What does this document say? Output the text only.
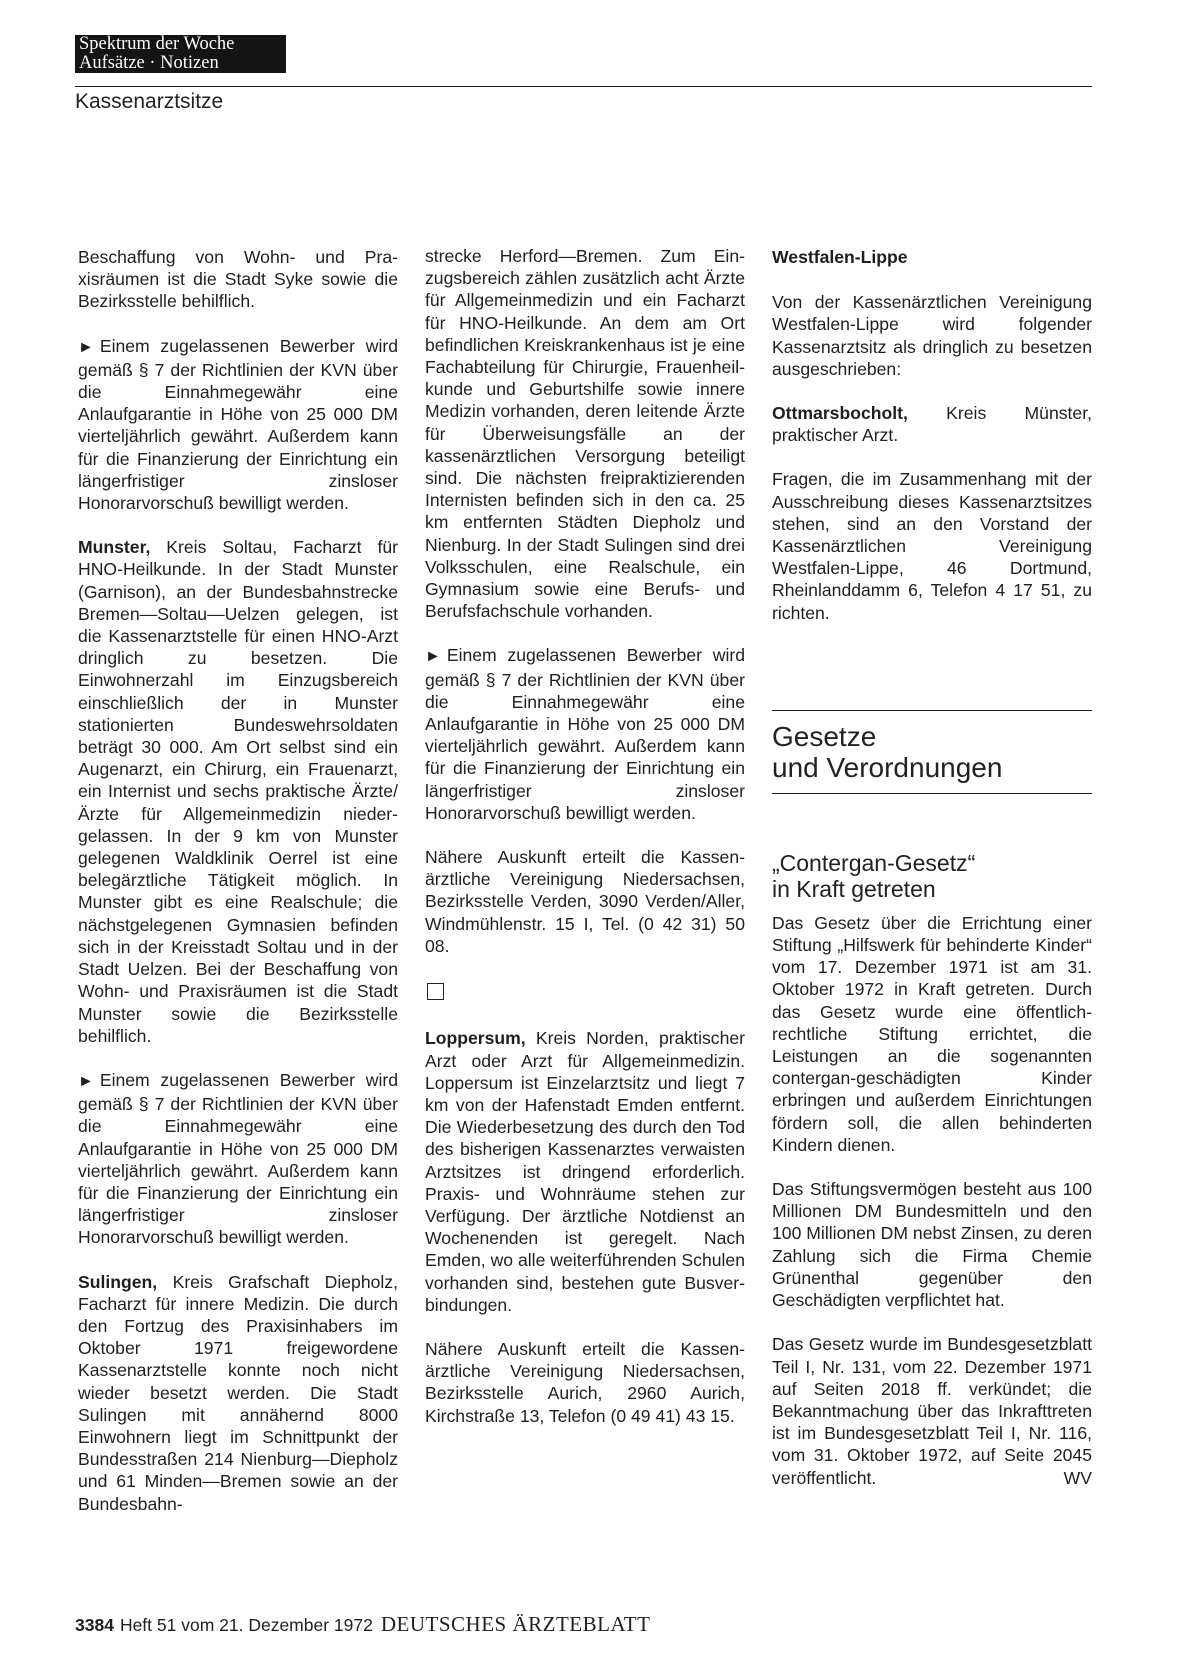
Spektrum der Woche
Aufsätze · Notizen
Kassenarztsitze

Beschaffung von Wohn- und Praxisräumen ist die Stadt Syke sowie die Bezirksstelle behilflich.

► Einem zugelassenen Bewerber wird gemäß § 7 der Richtlinien der KVN über die Einnahmegewähr eine Anlaufgarantie in Höhe von 25 000 DM vierteljährlich gewährt. Außerdem kann für die Finanzierung der Einrichtung ein längerfristiger zinsloser Honorarvorschuß bewilligt werden.

Munster, Kreis Soltau, Facharzt für HNO-Heilkunde. In der Stadt Munster (Garnison), an der Bundesbahnstrecke Bremen—Soltau—Uelzen gelegen, ist die Kassenarztstelle für einen HNO-Arzt dringlich zu besetzen. Die Einwohnerzahl im Einzugsbereich einschließlich der in Munster stationierten Bundeswehrsoldaten beträgt 30 000. Am Ort selbst sind ein Augenarzt, ein Chirurg, ein Frauenarzt, ein Internist und sechs praktische Ärzte/ Ärzte für Allgemeinmedizin niedergelassen. In der 9 km von Munster gelegenen Waldklinik Oerrel ist eine belegärztliche Tätigkeit möglich. In Munster gibt es eine Realschule; die nächstgelegenen Gymnasien befinden sich in der Kreisstadt Soltau und in der Stadt Uelzen. Bei der Beschaffung von Wohn- und Praxisräumen ist die Stadt Munster sowie die Bezirksstelle behilflich.

► Einem zugelassenen Bewerber wird gemäß § 7 der Richtlinien der KVN über die Einnahmegewähr eine Anlaufgarantie in Höhe von 25 000 DM vierteljährlich gewährt. Außerdem kann für die Finanzierung der Einrichtung ein längerfristiger zinsloser Honorarvorschuß bewilligt werden.

Sulingen, Kreis Grafschaft Diepholz, Facharzt für innere Medizin. Die durch den Fortzug des Praxisinhabers im Oktober 1971 freigewordene Kassenarztstelle konnte noch nicht wieder besetzt werden. Die Stadt Sulingen mit annähernd 8000 Einwohnern liegt im Schnittpunkt der Bundesstraßen 214 Nienburg—Diepholz und 61 Minden—Bremen sowie an der Bundesbahn-

strecke Herford—Bremen. Zum Einzugsbereich zählen zusätzlich acht Ärzte für Allgemeinmedizin und ein Facharzt für HNO-Heilkunde. An dem am Ort befindlichen Kreiskrankenhaus ist je eine Fachabteilung für Chirurgie, Frauenheilkunde und Geburtshilfe sowie innere Medizin vorhanden, deren leitende Ärzte für Überweisungsfälle an der kassenärztlichen Versorgung beteiligt sind. Die nächsten freipraktizierenden Internisten befinden sich in den ca. 25 km entfernten Städten Diepholz und Nienburg. In der Stadt Sulingen sind drei Volksschulen, eine Realschule, ein Gymnasium sowie eine Berufs- und Berufsfachschule vorhanden.

► Einem zugelassenen Bewerber wird gemäß § 7 der Richtlinien der KVN über die Einnahmegewähr eine Anlaufgarantie in Höhe von 25 000 DM vierteljährlich gewährt. Außerdem kann für die Finanzierung der Einrichtung ein längerfristiger zinsloser Honorarvorschuß bewilligt werden.

Nähere Auskunft erteilt die Kassenärztliche Vereinigung Niedersachsen, Bezirksstelle Verden, 3090 Verden/Aller, Windmühlenstr. 15 I, Tel. (0 42 31) 50 08.

Loppersum, Kreis Norden, praktischer Arzt oder Arzt für Allgemeinmedizin. Loppersum ist Einzelarztsitz und liegt 7 km von der Hafenstadt Emden entfernt. Die Wiederbesetzung des durch den Tod des bisherigen Kassenarztes verwaisten Arztsitzes ist dringend erforderlich. Praxis- und Wohnräume stehen zur Verfügung. Der ärztliche Notdienst an Wochenenden ist geregelt. Nach Emden, wo alle weiterführenden Schulen vorhanden sind, bestehen gute Busverbindungen.

Nähere Auskunft erteilt die Kassenärztliche Vereinigung Niedersachsen, Bezirksstelle Aurich, 2960 Aurich, Kirchstraße 13, Telefon (0 49 41) 43 15.

Westfalen-Lippe

Von der Kassenärztlichen Vereinigung Westfalen-Lippe wird folgender Kassenarztsitz als dringlich zu besetzen ausgeschrieben:

Ottmarsbocholt, Kreis Münster, praktischer Arzt.

Fragen, die im Zusammenhang mit der Ausschreibung dieses Kassenarztsitzes stehen, sind an den Vorstand der Kassenärztlichen Vereinigung Westfalen-Lippe, 46 Dortmund, Rheinlanddamm 6, Telefon 4 17 51, zu richten.

Gesetze
und Verordnungen
„Contergan-Gesetz“
in Kraft getreten

Das Gesetz über die Errichtung einer Stiftung „Hilfswerk für behinderte Kinder“ vom 17. Dezember 1971 ist am 31. Oktober 1972 in Kraft getreten. Durch das Gesetz wurde eine öffentlich-rechtliche Stiftung errichtet, die Leistungen an die sogenannten contergan-geschädigten Kinder erbringen und außerdem Einrichtungen fördern soll, die allen behinderten Kindern dienen.

Das Stiftungsvermögen besteht aus 100 Millionen DM Bundesmitteln und den 100 Millionen DM nebst Zinsen, zu deren Zahlung sich die Firma Chemie Grünenthal gegenüber den Geschädigten verpflichtet hat.

Das Gesetz wurde im Bundesgesetzblatt Teil I, Nr. 131, vom 22. Dezember 1971 auf Seiten 2018 ff. verkündet; die Bekanntmachung über das Inkrafttreten ist im Bundesgesetzblatt Teil I, Nr. 116, vom 31. Oktober 1972, auf Seite 2045 veröffentlicht.	WV

3384 Heft 51 vom 21. Dezember 1972 DEUTSCHES ÄRZTEBLATT
